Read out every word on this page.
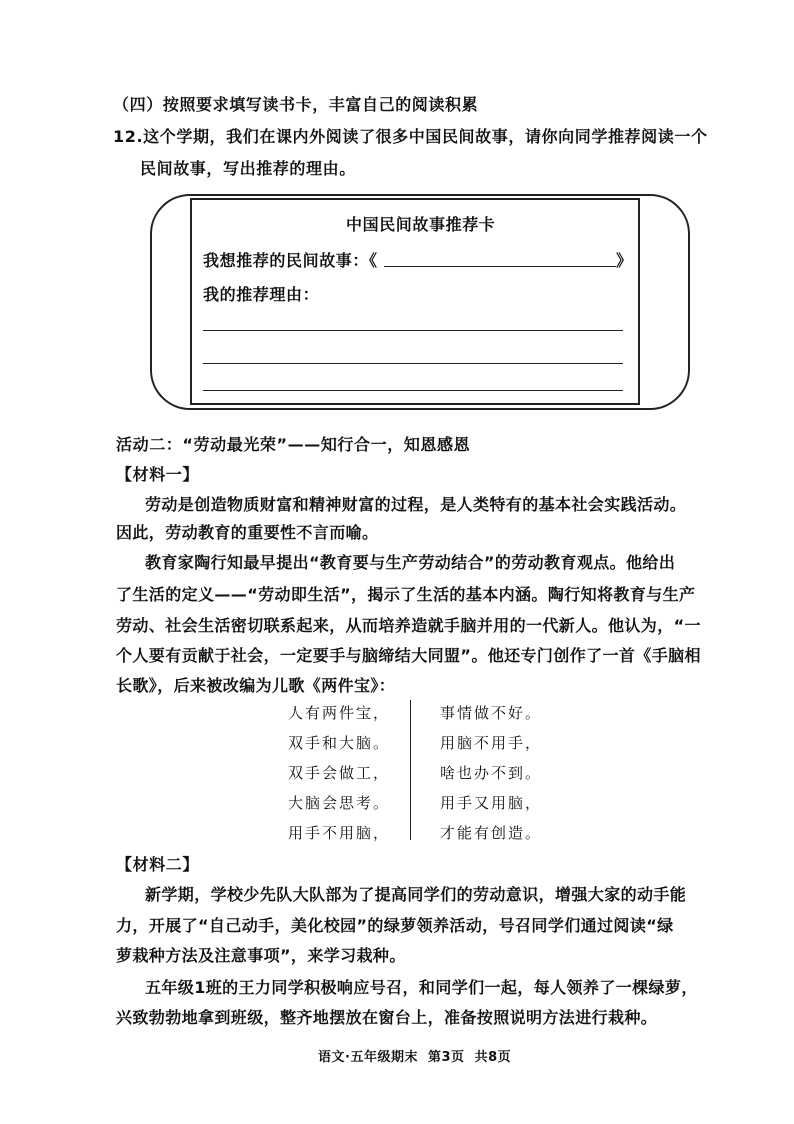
（四）按照要求填写读书卡，丰富自己的阅读积累
12.这个学期，我们在课内外阅读了很多中国民间故事，请你向同学推荐阅读一个
民间故事，写出推荐的理由。
中国民间故事推荐卡
我想推荐的民间故事：《	》
我的推荐理由：
活动二：“劳动最光荣”——知行合一，知恩感恩
【材料一】
劳动是创造物质财富和精神财富的过程，是人类特有的基本社会实践活动。
因此，劳动教育的重要性不言而喻。
教育家陶行知最早提出“教育要与生产劳动结合”的劳动教育观点。他给出
了生活的定义——“劳动即生活”，揭示了生活的基本内涵。陶行知将教育与生产
劳动、社会生活密切联系起来，从而培养造就手脑并用的一代新人。他认为，“一
个人要有贡献于社会，一定要手与脑缔结大同盟”。他还专门创作了一首《手脑相
长歌》，后来被改编为儿歌《两件宝》：
人有两件宝，
双手和大脑。
双手会做工，
大脑会思考。
用手不用脑，
事情做不好。
用脑不用手，
啥也办不到。
用手又用脑，
才能有创造。
【材料二】
新学期，学校少先队大队部为了提高同学们的劳动意识，增强大家的动手能
力，开展了“自己动手，美化校园”的绿萝领养活动，号召同学们通过阅读“绿
萝栽种方法及注意事项”，来学习栽种。
五年级1班的王力同学积极响应号召，和同学们一起，每人领养了一棵绿萝，
兴致勃勃地拿到班级，整齐地摆放在窗台上，准备按照说明方法进行栽种。
语文·五年级期末  第3页  共8页
